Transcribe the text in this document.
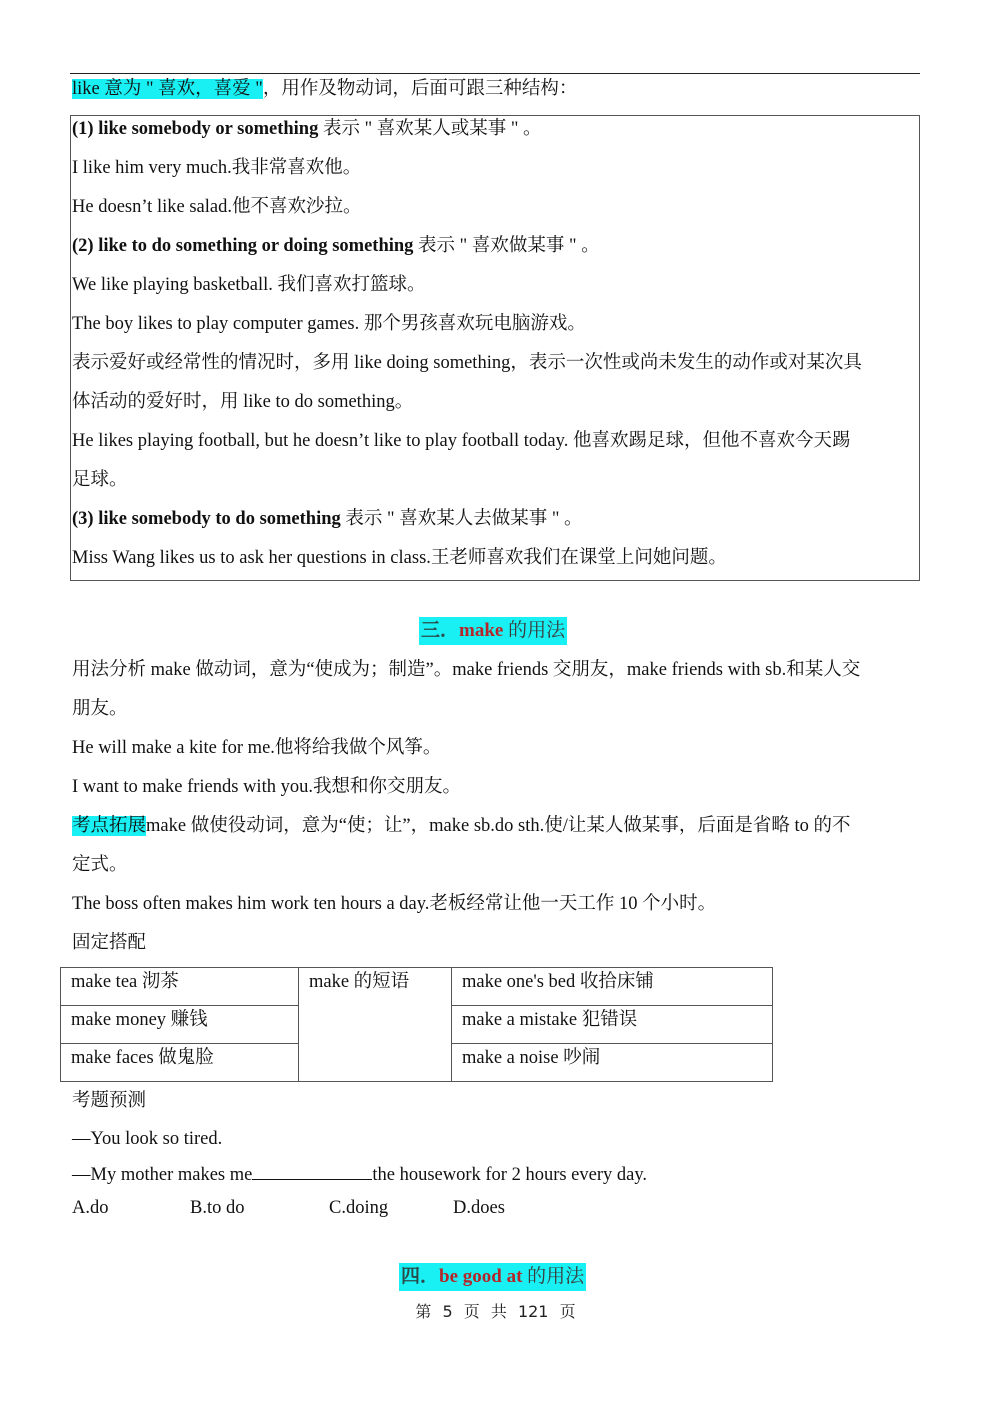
like 意为 " 喜欢，喜爱 "，用作及物动词，后面可跟三种结构：
(1) like somebody or something 表示 " 喜欢某人或某事 " 。
I like him very much.我非常喜欢他。
He doesn’t like salad.他不喜欢沙拉。
(2) like to do something or doing something 表示 " 喜欢做某事 " 。
We like playing basketball. 我们喜欢打篮球。
The boy likes to play computer games. 那个男孩喜欢玩电脑游戏。
表示爱好或经常性的情况时，多用 like doing something，表示一次性或尚未发生的动作或对某次具
体活动的爱好时，用 like to do something。
He likes playing football, but he doesn’t like to play football today. 他喜欢踢足球，但他不喜欢今天踢
足球。
(3) like somebody to do something 表示 " 喜欢某人去做某事 " 。
Miss Wang likes us to ask her questions in class.王老师喜欢我们在课堂上问她问题。
三．make 的用法
用法分析 make 做动词，意为“使成为；制造”。make friends 交朋友，make friends with sb.和某人交
朋友。
He will make a kite for me.他将给我做个风筝。
I want to make friends with you.我想和你交朋友。
考点拓展make 做使役动词，意为“使；让”，make sb.do sth.使/让某人做某事，后面是省略 to 的不
定式。
The boss often makes him work ten hours a day.老板经常让他一天工作 10 个小时。
固定搭配
make tea 沏茶	make 的短语	make one's bed 收拾床铺
make money 赚钱		make a mistake 犯错误
make faces 做鬼脸		make a noise 吵闹
考题预测
—You look so tired.
—My mother makes me	the housework for 2 hours every day.
A.do	B.to do	C.doing	D.does
四．be good at 的用法
第 5 页 共 121 页
